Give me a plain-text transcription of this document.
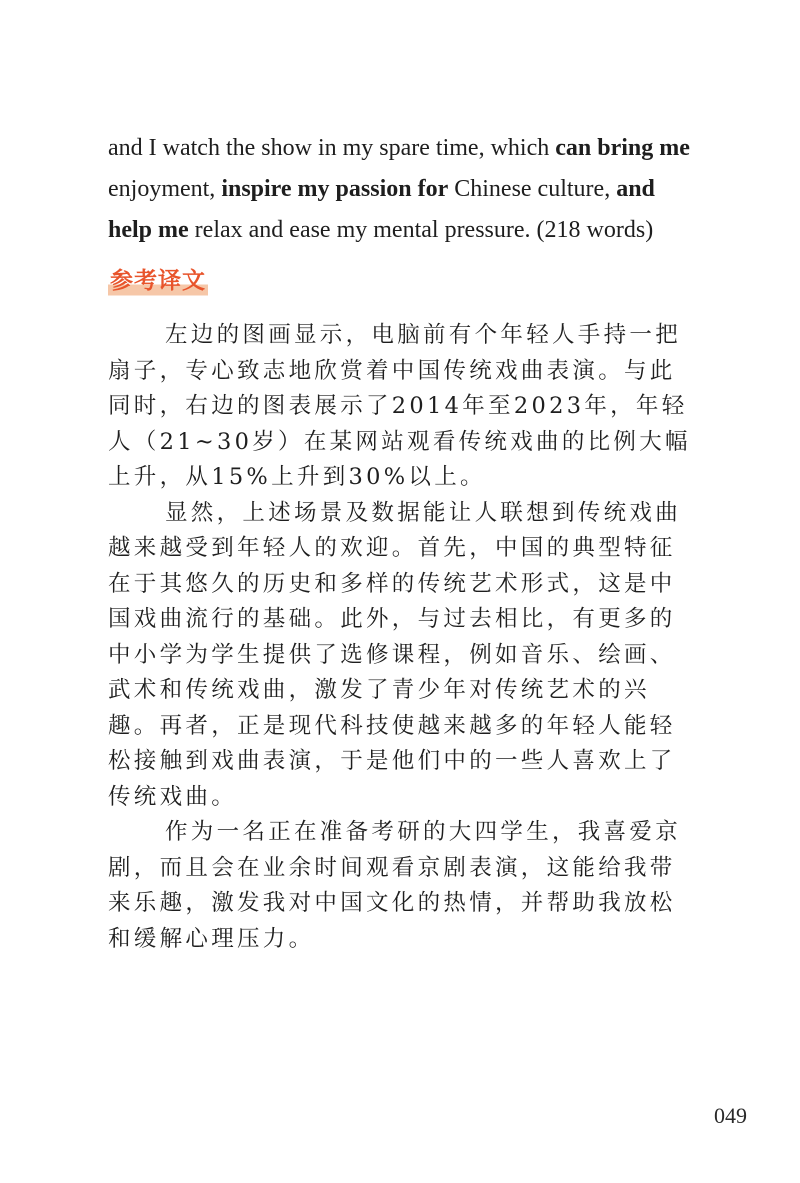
and I watch the show in my spare time, which can bring me
enjoyment, inspire my passion for Chinese culture, and
help me relax and ease my mental pressure. (218 words)
参考译文
左边的图画显示，电脑前有个年轻人手持一把
扇子，专心致志地欣赏着中国传统戏曲表演。与此
同时，右边的图表展示了2014年至2023年，年轻
人（21~30岁）在某网站观看传统戏曲的比例大幅
上升，从15%上升到30%以上。
显然，上述场景及数据能让人联想到传统戏曲
越来越受到年轻人的欢迎。首先，中国的典型特征
在于其悠久的历史和多样的传统艺术形式，这是中
国戏曲流行的基础。此外，与过去相比，有更多的
中小学为学生提供了选修课程，例如音乐、绘画、
武术和传统戏曲，激发了青少年对传统艺术的兴
趣。再者，正是现代科技使越来越多的年轻人能轻
松接触到戏曲表演，于是他们中的一些人喜欢上了
传统戏曲。
作为一名正在准备考研的大四学生，我喜爱京
剧，而且会在业余时间观看京剧表演，这能给我带
来乐趣，激发我对中国文化的热情，并帮助我放松
和缓解心理压力。
049
